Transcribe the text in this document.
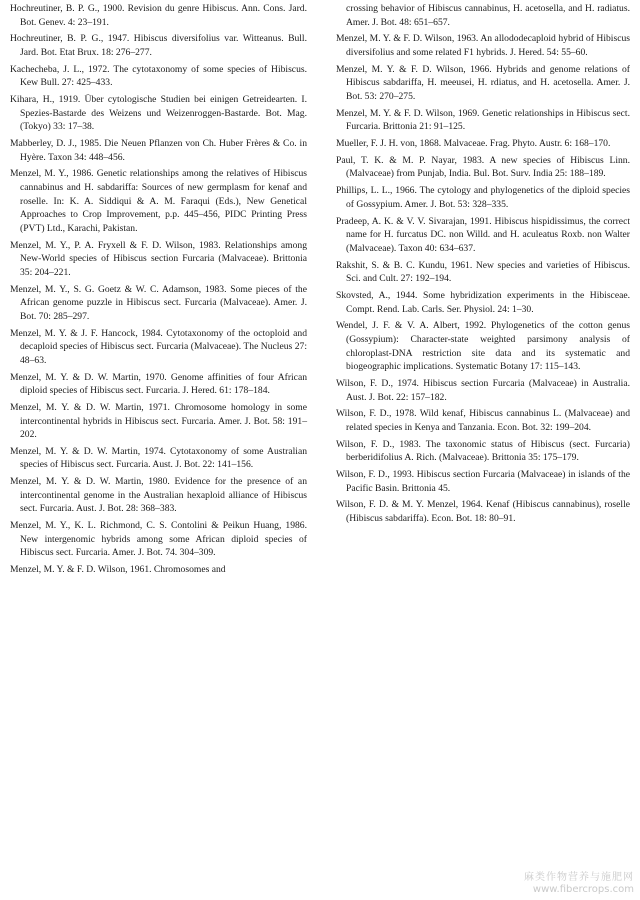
Hochreutiner, B. P. G., 1900. Revision du genre Hibiscus. Ann. Cons. Jard. Bot. Genev. 4: 23–191.

Hochreutiner, B. P. G., 1947. Hibiscus diversifolius var. Witteanus. Bull. Jard. Bot. Etat Brux. 18: 276–277.

Kachecheba, J. L., 1972. The cytotaxonomy of some species of Hibiscus. Kew Bull. 27: 425–433.

Kihara, H., 1919. Über cytologische Studien bei einigen Getreidearten. I. Spezies-Bastarde des Weizens und Weizenroggen-Bastarde. Bot. Mag. (Tokyo) 33: 17–38.

Mabberley, D. J., 1985. Die Neuen Pflanzen von Ch. Huber Frères & Co. in Hyère. Taxon 34: 448–456.

Menzel, M. Y., 1986. Genetic relationships among the relatives of Hibiscus cannabinus and H. sabdariffa: Sources of new germplasm for kenaf and roselle. In: K. A. Siddiqui & A. M. Faraqui (Eds.), New Genetical Approaches to Crop Improvement, p.p. 445–456, PIDC Printing Press (PVT) Ltd., Karachi, Pakistan.

Menzel, M. Y., P. A. Fryxell & F. D. Wilson, 1983. Relationships among New-World species of Hibiscus section Furcaria (Malvaceae). Brittonia 35: 204–221.

Menzel, M. Y., S. G. Goetz & W. C. Adamson, 1983. Some pieces of the African genome puzzle in Hibiscus sect. Furcaria (Malvaceae). Amer. J. Bot. 70: 285–297.

Menzel, M. Y. & J. F. Hancock, 1984. Cytotaxonomy of the octoploid and decaploid species of Hibiscus sect. Furcaria (Malvaceae). The Nucleus 27: 48–63.

Menzel, M. Y. & D. W. Martin, 1970. Genome affinities of four African diploid species of Hibiscus sect. Furcaria. J. Hered. 61: 178–184.

Menzel, M. Y. & D. W. Martin, 1971. Chromosome homology in some intercontinental hybrids in Hibiscus sect. Furcaria. Amer. J. Bot. 58: 191–202.

Menzel, M. Y. & D. W. Martin, 1974. Cytotaxonomy of some Australian species of Hibiscus sect. Furcaria. Aust. J. Bot. 22: 141–156.

Menzel, M. Y. & D. W. Martin, 1980. Evidence for the presence of an intercontinental genome in the Australian hexaploid alliance of Hibiscus sect. Furcaria. Aust. J. Bot. 28: 368–383.

Menzel, M. Y., K. L. Richmond, C. S. Contolini & Peikun Huang, 1986. New intergenomic hybrids among some African diploid species of Hibiscus sect. Furcaria. Amer. J. Bot. 74. 304–309.

Menzel, M. Y. & F. D. Wilson, 1961. Chromosomes and

crossing behavior of Hibiscus cannabinus, H. acetosella, and H. radiatus. Amer. J. Bot. 48: 651–657.

Menzel, M. Y. & F. D. Wilson, 1963. An allododecaploid hybrid of Hibiscus diversifolius and some related F1 hybrids. J. Hered. 54: 55–60.

Menzel, M. Y. & F. D. Wilson, 1966. Hybrids and genome relations of Hibiscus sabdariffa, H. meeusei, H. rdiatus, and H. acetosella. Amer. J. Bot. 53: 270–275.

Menzel, M. Y. & F. D. Wilson, 1969. Genetic relationships in Hibiscus sect. Furcaria. Brittonia 21: 91–125.

Mueller, F. J. H. von, 1868. Malvaceae. Frag. Phyto. Austr. 6: 168–170.

Paul, T. K. & M. P. Nayar, 1983. A new species of Hibiscus Linn. (Malvaceae) from Punjab, India. Bul. Bot. Surv. India 25: 188–189.

Phillips, L. L., 1966. The cytology and phylogenetics of the diploid species of Gossypium. Amer. J. Bot. 53: 328–335.

Pradeep, A. K. & V. V. Sivarajan, 1991. Hibiscus hispidissimus, the correct name for H. furcatus DC. non Willd. and H. aculeatus Roxb. non Walter (Malvaceae). Taxon 40: 634–637.

Rakshit, S. & B. C. Kundu, 1961. New species and varieties of Hibiscus. Sci. and Cult. 27: 192–194.

Skovsted, A., 1944. Some hybridization experiments in the Hibisceae. Compt. Rend. Lab. Carls. Ser. Physiol. 24: 1–30.

Wendel, J. F. & V. A. Albert, 1992. Phylogenetics of the cotton genus (Gossypium): Character-state weighted parsimony analysis of chloroplast-DNA restriction site data and its systematic and biogeographic implications. Systematic Botany 17: 115–143.

Wilson, F. D., 1974. Hibiscus section Furcaria (Malvaceae) in Australia. Aust. J. Bot. 22: 157–182.

Wilson, F. D., 1978. Wild kenaf, Hibiscus cannabinus L. (Malvaceae) and related species in Kenya and Tanzania. Econ. Bot. 32: 199–204.

Wilson, F. D., 1983. The taxonomic status of Hibiscus (sect. Furcaria) berberidifolius A. Rich. (Malvaceae). Brittonia 35: 175–179.

Wilson, F. D., 1993. Hibiscus section Furcaria (Malvaceae) in islands of the Pacific Basin. Brittonia 45.

Wilson, F. D. & M. Y. Menzel, 1964. Kenaf (Hibiscus cannabinus), roselle (Hibiscus sabdariffa). Econ. Bot. 18: 80–91.

麻类作物营养与施肥网
www.fibercrops.com
